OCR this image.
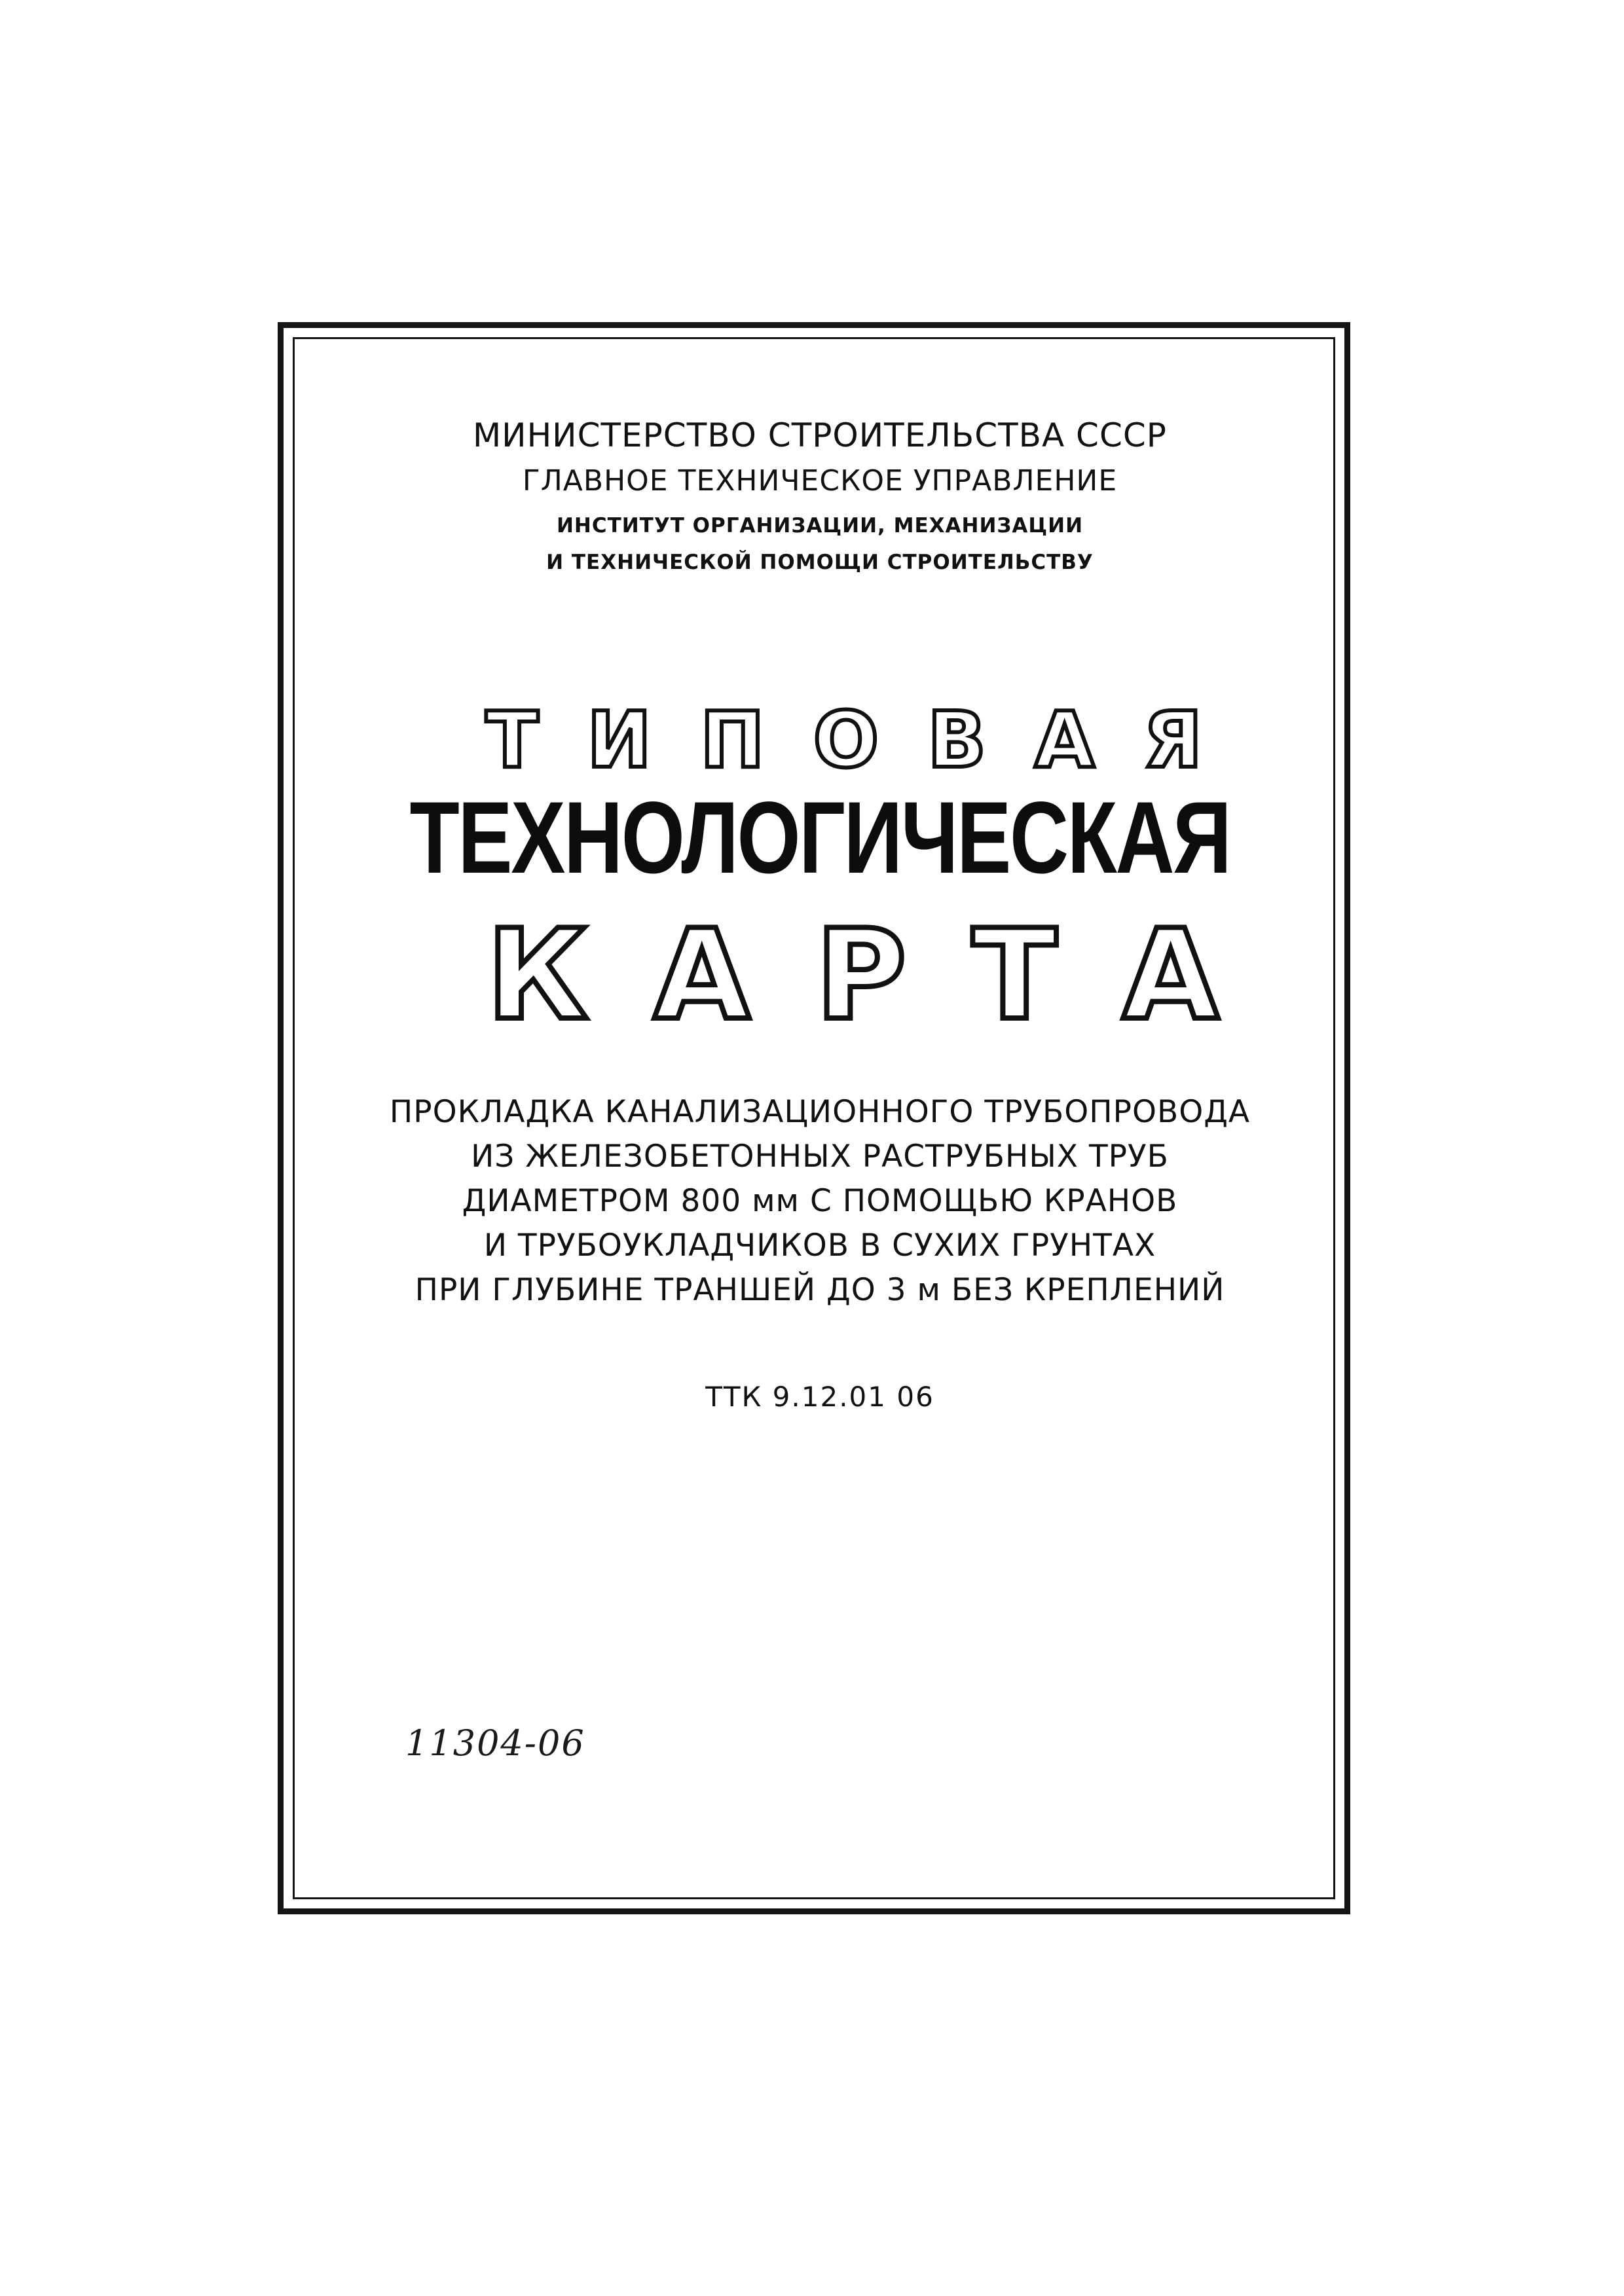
МИНИСТЕРСТВО СТРОИТЕЛЬСТВА СССР
ГЛАВНОЕ ТЕХНИЧЕСКОЕ УПРАВЛЕНИЕ
ИНСТИТУТ ОРГАНИЗАЦИИ, МЕХАНИЗАЦИИ
И ТЕХНИЧЕСКОЙ ПОМОЩИ СТРОИТЕЛЬСТВУ
ТИПОВАЯ
ТЕХНОЛОГИЧЕСКАЯ
КАРТА
ПРОКЛАДКА КАНАЛИЗАЦИОННОГО ТРУБОПРОВОДА
ИЗ ЖЕЛЕЗОБЕТОННЫХ РАСТРУБНЫХ ТРУБ
ДИАМЕТРОМ 800 мм С ПОМОЩЬЮ КРАНОВ
И ТРУБОУКЛАДЧИКОВ В СУХИХ ГРУНТАХ
ПРИ ГЛУБИНЕ ТРАНШЕЙ ДО 3 м БЕЗ КРЕПЛЕНИЙ
ТТК 9.12.01 06
11304-06
